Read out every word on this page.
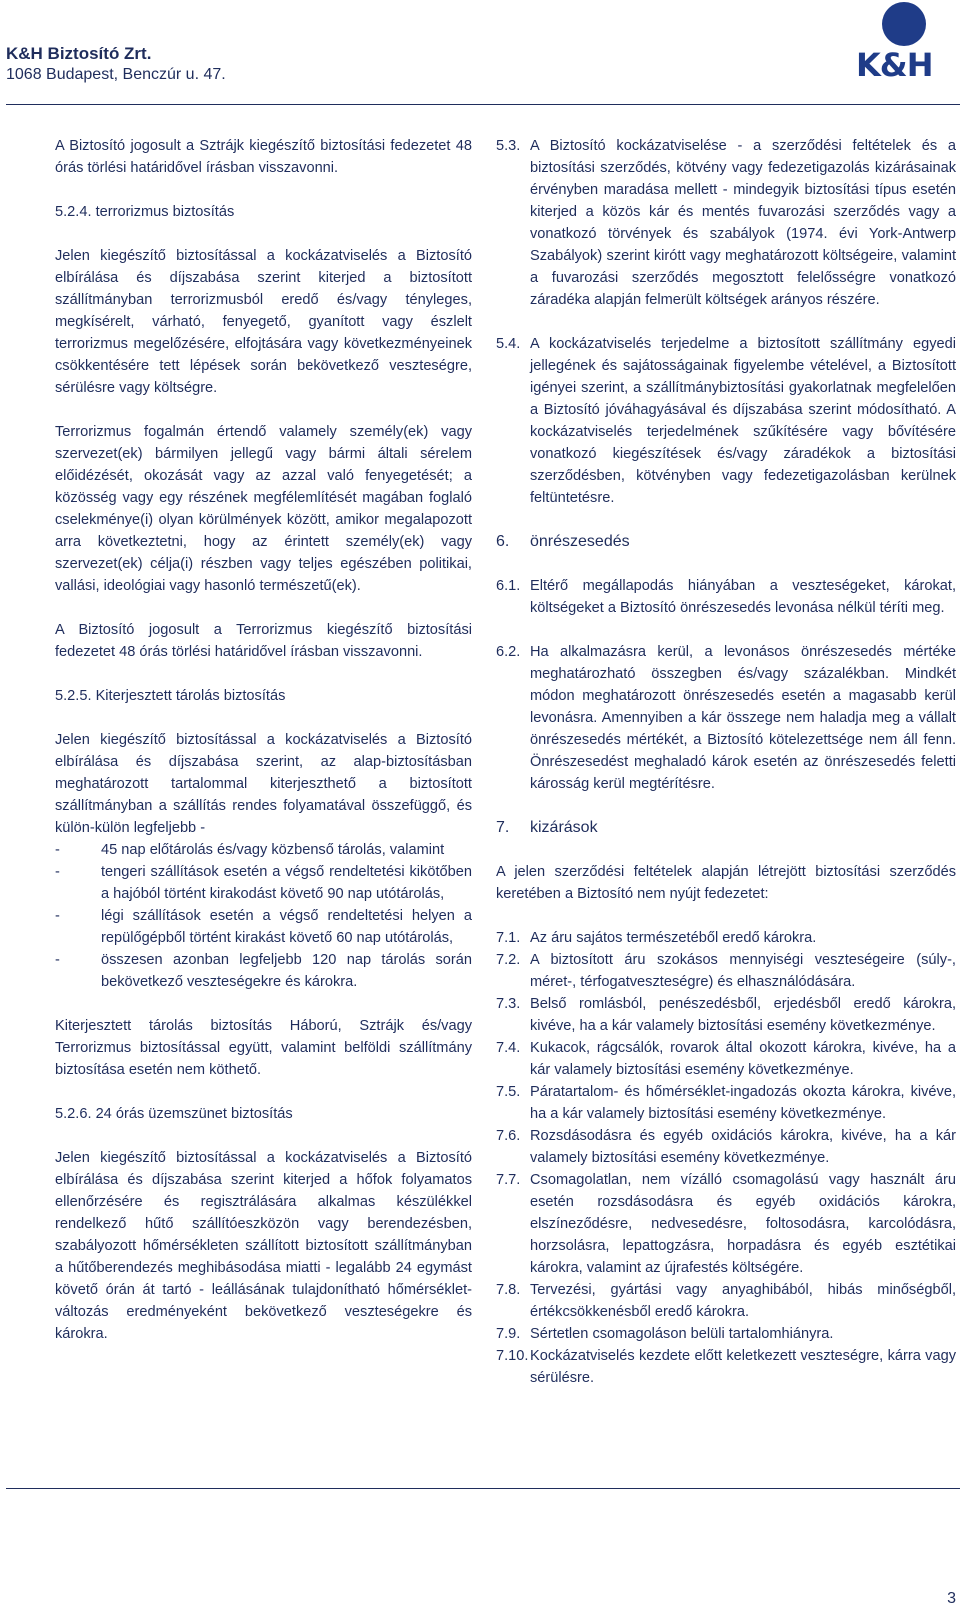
K&H Biztosító Zrt.
1068 Budapest, Benczúr u. 47.	K&H

A Biztosító jogosult a Sztrájk kiegészítő biztosítási fedezetet 48 órás törlési határidővel írásban visszavonni.

5.2.4. terrorizmus biztosítás

Jelen kiegészítő biztosítással a kockázatviselés a Biztosító elbírálása és díjszabása szerint kiterjed a biztosított szállítmányban terrorizmusból eredő és/vagy tényleges, megkísérelt, várható, fenyegető, gyanított vagy észlelt terrorizmus megelőzésére, elfojtására vagy következményeinek csökkentésére tett lépések során bekövetkező veszteségre, sérülésre vagy költségre.

Terrorizmus fogalmán értendő valamely személy(ek) vagy szervezet(ek) bármilyen jellegű vagy bármi általi sérelem előidézését, okozását vagy az azzal való fenyegetését; a közösség vagy egy részének megfélemlítését magában foglaló cselekménye(i) olyan körülmények között, amikor megalapozott arra következtetni, hogy az érintett személy(ek) vagy szervezet(ek) célja(i) részben vagy teljes egészében politikai, vallási, ideológiai vagy hasonló természetű(ek).

A Biztosító jogosult a Terrorizmus kiegészítő biztosítási fedezetet 48 órás törlési határidővel írásban visszavonni.

5.2.5. Kiterjesztett tárolás biztosítás

Jelen kiegészítő biztosítással a kockázatviselés a Biztosító elbírálása és díjszabása szerint, az alap-biztosításban meghatározott tartalommal kiterjeszthető a biztosított szállítmányban a szállítás rendes folyamatával összefüggő, és külön-külön legfeljebb -

-	45 nap előtárolás és/vagy közbenső tárolás, valamint
-	tengeri szállítások esetén a végső rendeltetési kikötőben a hajóból történt kirakodást követő 90 nap utótárolás,
-	légi szállítások esetén a végső rendeltetési helyen a repülőgépből történt kirakást követő 60 nap utótárolás,
-	összesen azonban legfeljebb 120 nap tárolás során bekövetkező veszteségekre és károkra.

Kiterjesztett tárolás biztosítás Háború, Sztrájk és/vagy Terrorizmus biztosítással együtt, valamint belföldi szállítmány biztosítása esetén nem köthető.

5.2.6. 24 órás üzemszünet biztosítás

Jelen kiegészítő biztosítással a kockázatviselés a Biztosító elbírálása és díjszabása szerint kiterjed a hőfok folyamatos ellenőrzésére és regisztrálására alkalmas készülékkel rendelkező hűtő szállítóeszközön vagy berendezésben, szabályozott hőmérsékleten szállított biztosított szállítmányban a hűtőberendezés meghibásodása miatti - legalább 24 egymást követő órán át tartó - leállásának tulajdonítható hőmérséklet-változás eredményeként bekövetkező veszteségekre és károkra.

5.3. A Biztosító kockázatviselése - a szerződési feltételek és a biztosítási szerződés, kötvény vagy fedezetigazolás kizárásainak érvényben maradása mellett - mindegyik biztosítási típus esetén kiterjed a közös kár és mentés fuvarozási szerződés vagy a vonatkozó törvények és szabályok (1974. évi York-Antwerp Szabályok) szerint kirótt vagy meghatározott költségeire, valamint a fuvarozási szerződés megosztott felelősségre vonatkozó záradéka alapján felmerült költségek arányos részére.
5.4. A kockázatviselés terjedelme a biztosított szállítmány egyedi jellegének és sajátosságainak figyelembe vételével, a Biztosított igényei szerint, a szállítmánybiztosítási gyakorlatnak megfelelően a Biztosító jóváhagyásával és díjszabása szerint módosítható. A kockázatviselés terjedelmének szűkítésére vagy bővítésére vonatkozó kiegészítések és/vagy záradékok a biztosítási szerződésben, kötvényben vagy fedezetigazolásban kerülnek feltüntetésre.
6.	önrészesedés
6.1. Eltérő megállapodás hiányában a veszteségeket, károkat, költségeket a Biztosító önrészesedés levonása nélkül téríti meg.
6.2. Ha alkalmazásra kerül, a levonásos önrészesedés mértéke meghatározható összegben és/vagy százalékban. Mindkét módon meghatározott önrészesedés esetén a magasabb kerül levonásra. Amennyiben a kár összege nem haladja meg a vállalt önrészesedés mértékét, a Biztosító kötelezettsége nem áll fenn. Önrészesedést meghaladó károk esetén az önrészesedés feletti károsság kerül megtérítésre.
7.	kizárások

A jelen szerződési feltételek alapján létrejött biztosítási szerződés keretében a Biztosító nem nyújt fedezetet:

7.1. Az áru sajátos természetéből eredő károkra.
7.2. A biztosított áru szokásos mennyiségi veszteségeire (súly-, méret-, térfogatveszteségre) és elhasználódására.
7.3. Belső romlásból, penészedésből, erjedésből eredő károkra, kivéve, ha a kár valamely biztosítási esemény következménye.
7.4. Kukacok, rágcsálók, rovarok által okozott károkra, kivéve, ha a kár valamely biztosítási esemény következménye.
7.5. Páratartalom- és hőmérséklet-ingadozás okozta károkra, kivéve, ha a kár valamely biztosítási esemény következménye.
7.6. Rozsdásodásra és egyéb oxidációs károkra, kivéve, ha a kár valamely biztosítási esemény következménye.
7.7. Csomagolatlan, nem vízálló csomagolású vagy használt áru esetén rozsdásodásra és egyéb oxidációs károkra, elszíneződésre, nedvesedésre, foltosodásra, karcolódásra, horzsolásra, lepattogzásra, horpadásra és egyéb esztétikai károkra, valamint az újrafestés költségére.
7.8. Tervezési, gyártási vagy anyaghibából, hibás minőségből, értékcsökkenésből eredő károkra.
7.9. Sértetlen csomagoláson belüli tartalomhiányra.
7.10. Kockázatviselés kezdete előtt keletkezett veszteségre, kárra vagy sérülésre.
3
